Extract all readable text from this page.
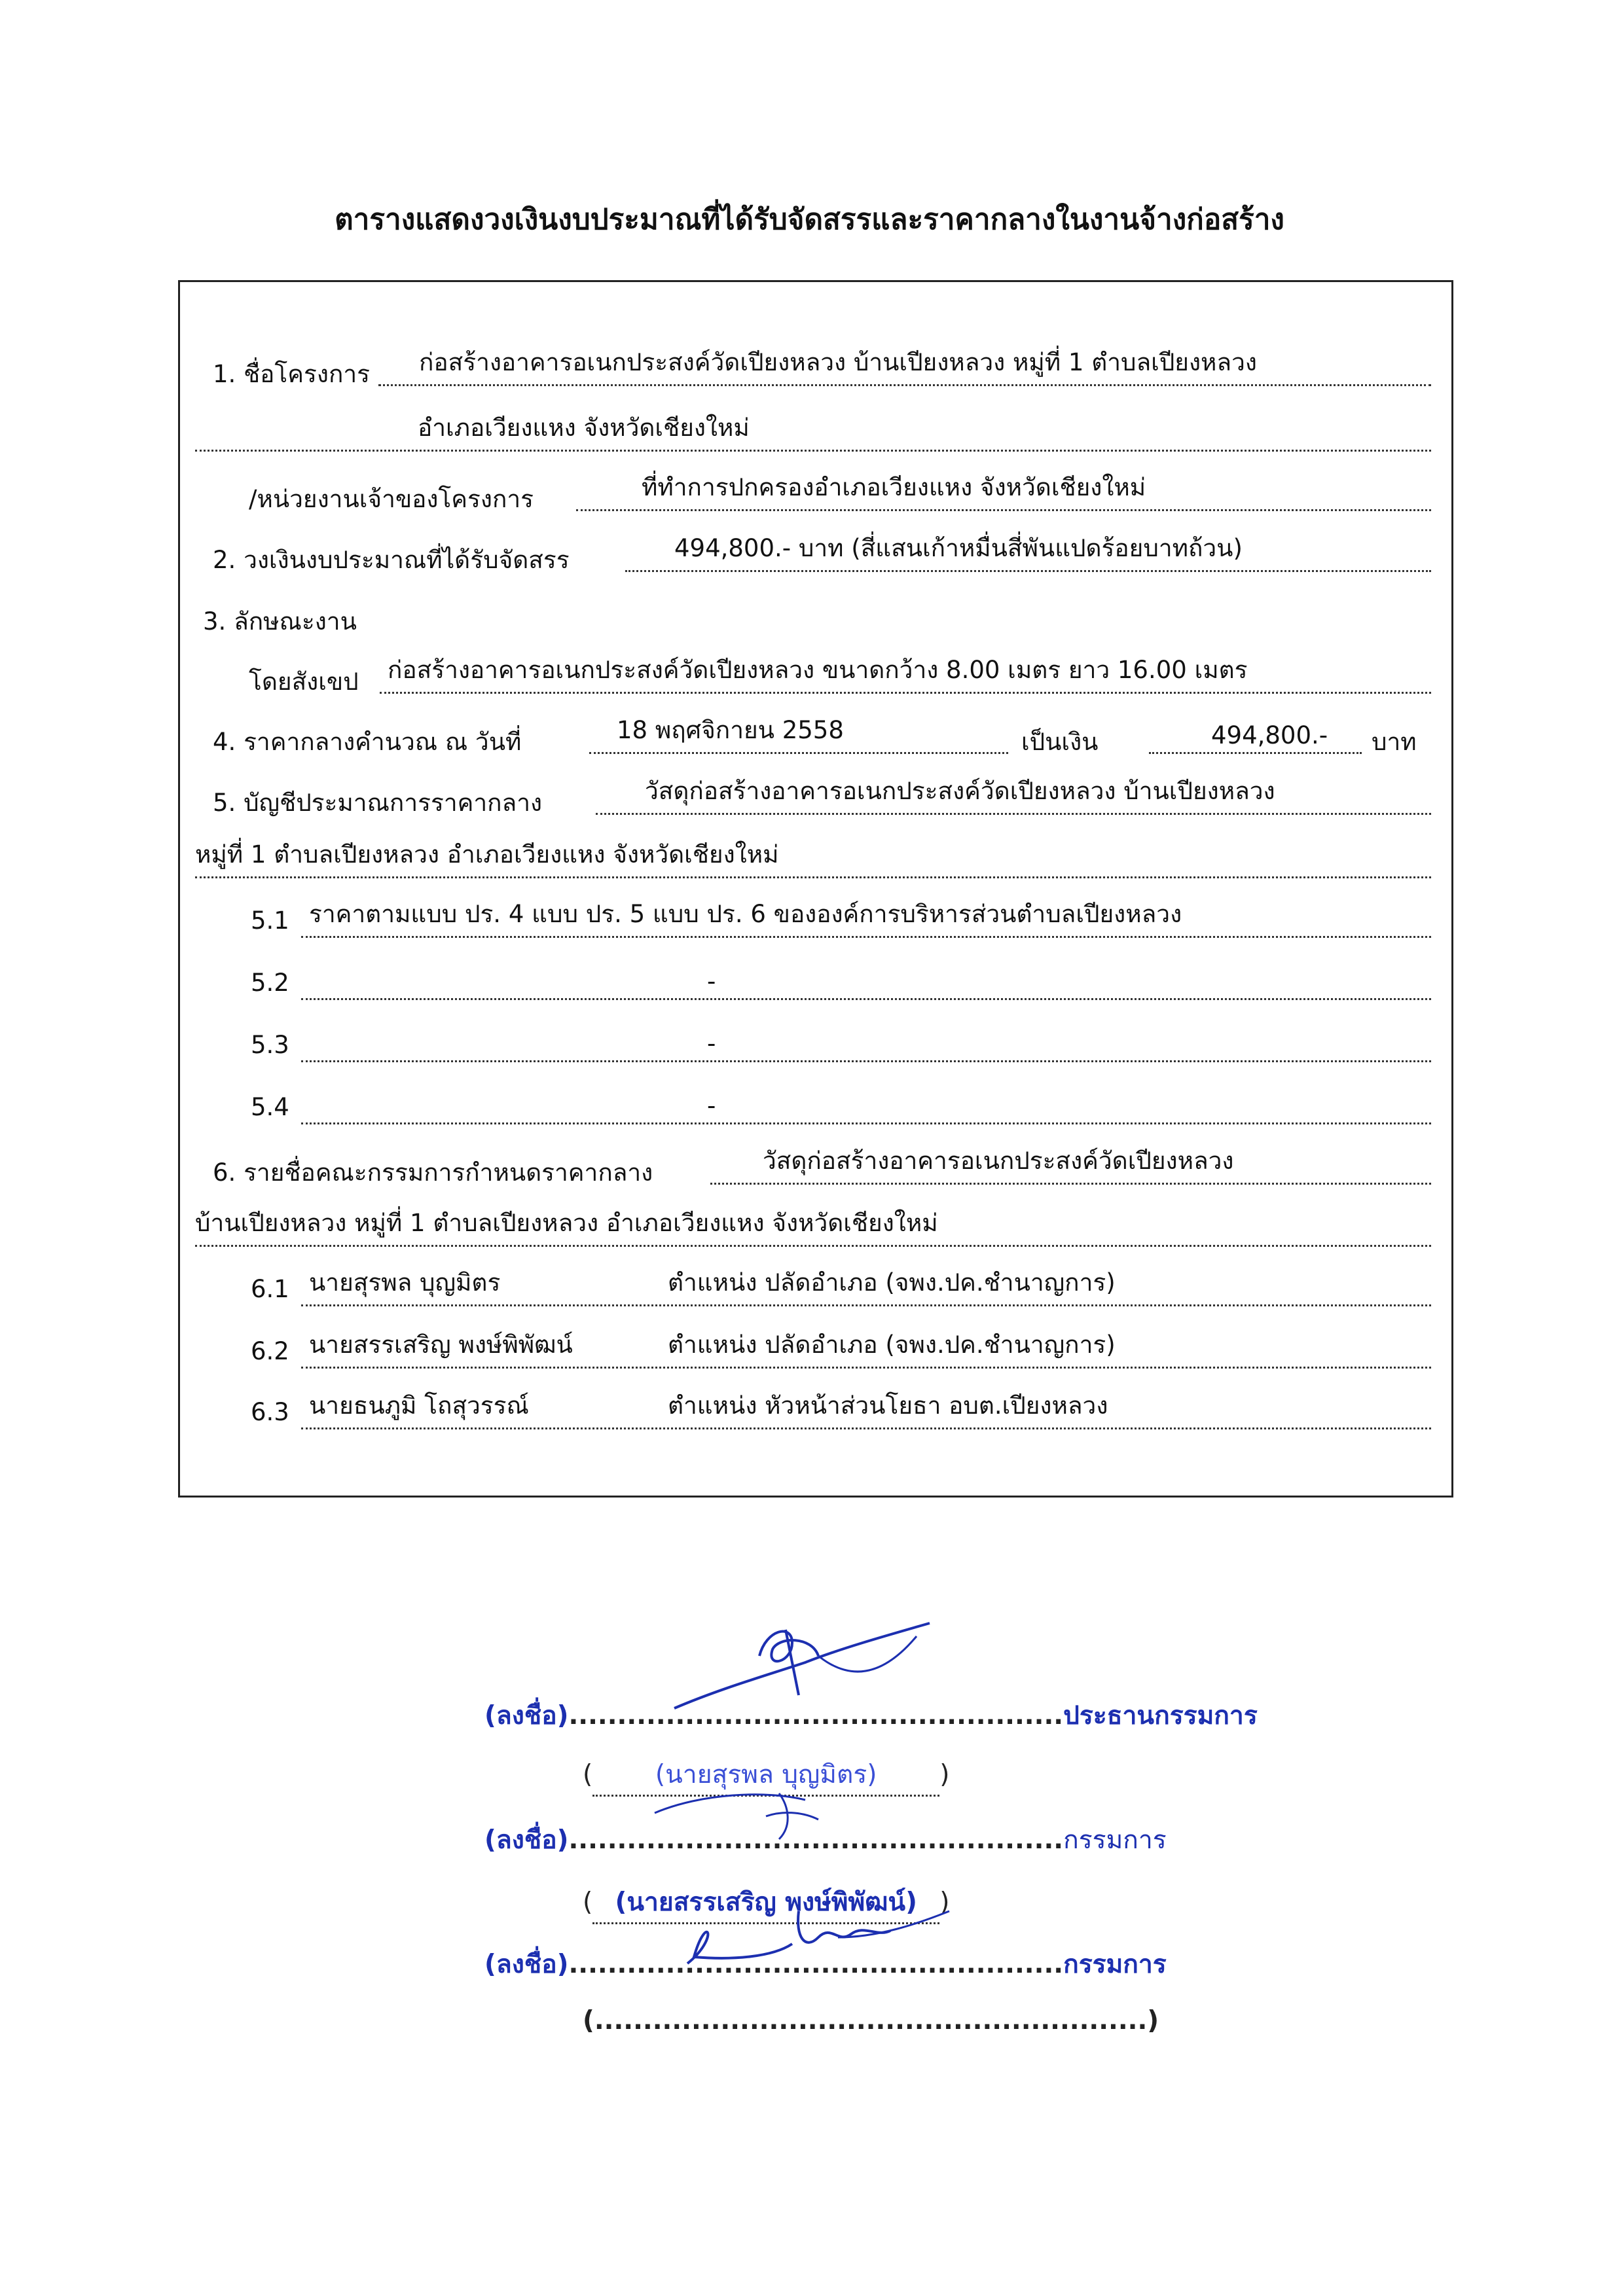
ตารางแสดงวงเงินงบประมาณที่ได้รับจัดสรรและราคากลางในงานจ้างก่อสร้าง
1. ชื่อโครงการ ก่อสร้างอาคารอเนกประสงค์วัดเปียงหลวง บ้านเปียงหลวง หมู่ที่ 1 ตำบลเปียงหลวง
อำเภอเวียงแหง จังหวัดเชียงใหม่
/หน่วยงานเจ้าของโครงการ	ที่ทำการปกครองอำเภอเวียงแหง จังหวัดเชียงใหม่
2. วงเงินงบประมาณที่ได้รับจัดสรร	494,800.- บาท (สี่แสนเก้าหมื่นสี่พันแปดร้อยบาทถ้วน)
3. ลักษณะงาน
โดยสังเขป ก่อสร้างอาคารอเนกประสงค์วัดเปียงหลวง ขนาดกว้าง 8.00 เมตร ยาว 16.00 เมตร
4. ราคากลางคำนวณ ณ วันที่	18 พฤศจิกายน 2558	เป็นเงิน	494,800.- บาท
5. บัญชีประมาณการราคากลาง	วัสดุก่อสร้างอาคารอเนกประสงค์วัดเปียงหลวง บ้านเปียงหลวง
หมู่ที่ 1 ตำบลเปียงหลวง อำเภอเวียงแหง จังหวัดเชียงใหม่
5.1 ราคาตามแบบ ปร. 4 แบบ ปร. 5 แบบ ปร. 6 ขององค์การบริหารส่วนตำบลเปียงหลวง
5.2	-
5.3	-
5.4	-
6. รายชื่อคณะกรรมการกำหนดราคากลาง	วัสดุก่อสร้างอาคารอเนกประสงค์วัดเปียงหลวง
บ้านเปียงหลวง หมู่ที่ 1 ตำบลเปียงหลวง อำเภอเวียงแหง จังหวัดเชียงใหม่
6.1 นายสุรพล บุญมิตร	ตำแหน่ง ปลัดอำเภอ (จพง.ปค.ชำนาญการ)
6.2 นายสรรเสริญ พงษ์พิพัฒน์	ตำแหน่ง ปลัดอำเภอ (จพง.ปค.ชำนาญการ)
6.3 นายธนภูมิ โถสุวรรณ์	ตำแหน่ง หัวหน้าส่วนโยธา อบต.เปียงหลวง
(ลงชื่อ)...................................................ประธานกรรมการ
( (นายสุรพล บุญมิตร) )
(ลงชื่อ)...................................................กรรมการ
( (นายสรรเสริญ พงษ์พิพัฒน์) )
(ลงชื่อ)...................................................กรรมการ
(.........................................................)
